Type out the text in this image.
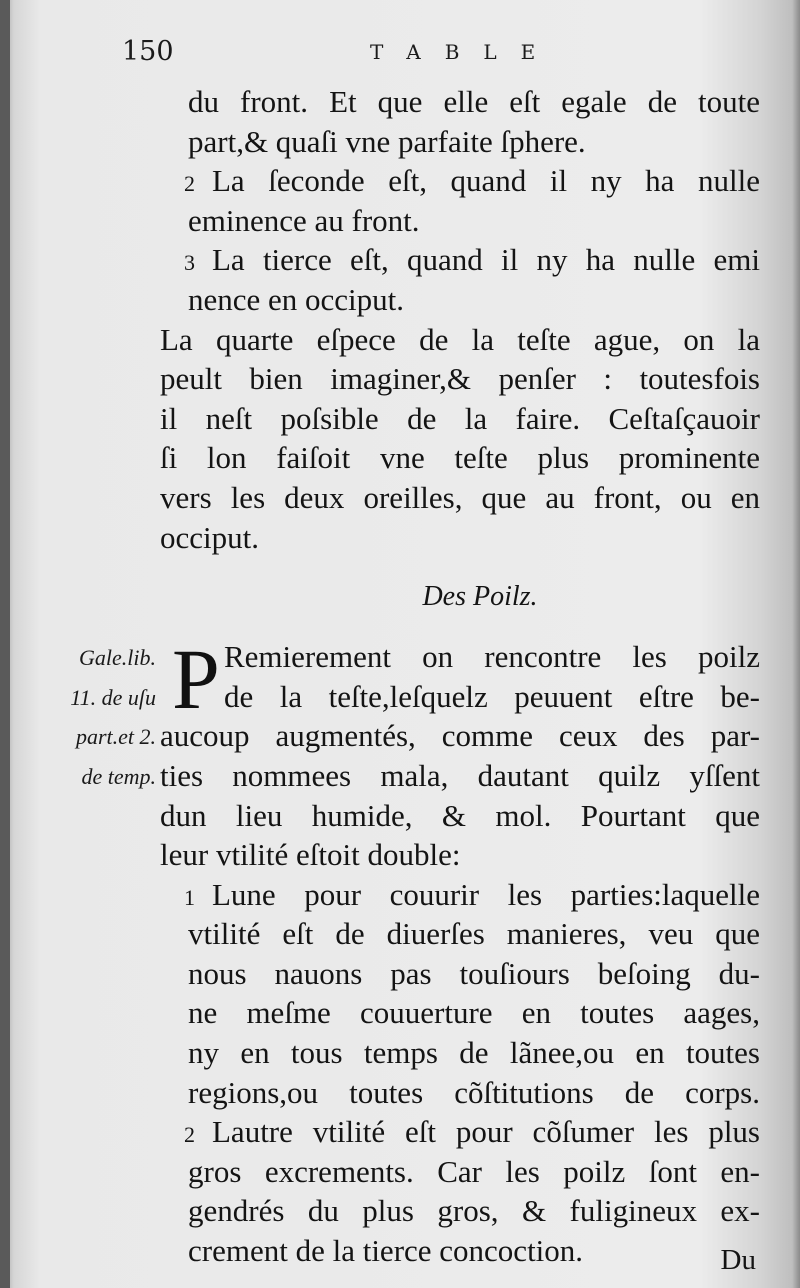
150	TABLE
du front. Et que elle eſt egale de toute
part,& quaſi vne parfaite ſphere.
2 La ſeconde eſt, quand il ny ha nulle
eminence au front.
3 La tierce eſt, quand il ny ha nulle emi
nence en occiput.
La quarte eſpece de la teſte ague, on la
peult bien imaginer,& penſer : toutesfois
il neſt poſsible de la faire. Ceſtaſçauoir
ſi lon faiſoit vne teſte plus prominente
vers les deux oreilles, que au front, ou en
occiput.
Des Poilz.
Remierement on rencontre les poilz
de la teſte,leſquelz peuuent eſtre be-
aucoup augmentés, comme ceux des par-
ties nommees mala, dautant quilz yſſent
dun lieu humide, & mol. Pourtant que
leur vtilité eſtoit double:
1 Lune pour couurir les parties:laquelle
vtilité eſt de diuerſes manieres, veu que
nous nauons pas touſiours beſoing du-
ne meſme couuerture en toutes aages,
ny en tous temps de lãnee,ou en toutes
regions,ou toutes cõſtitutions de corps.
2 Lautre vtilité eſt pour cõſumer les plus
gros excrements. Car les poilz ſont en-
gendrés du plus gros, & fuligineux ex-
crement de la tierce concoction.
P
Gale.lib.
11. de uſu
part.et 2.
de temp.
Du
